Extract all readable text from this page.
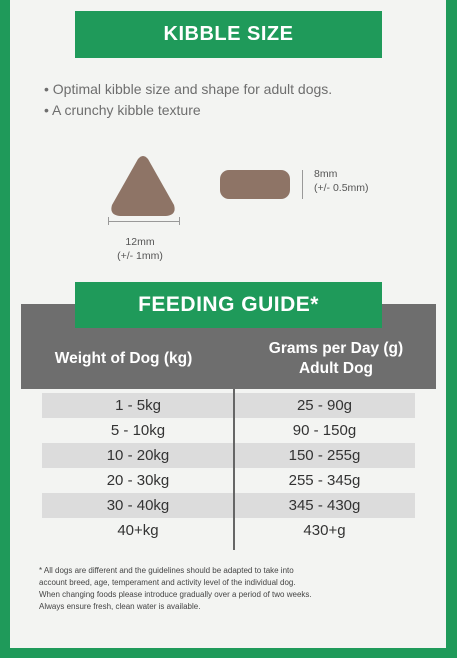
KIBBLE SIZE
• Optimal kibble size and shape for adult dogs.
• A crunchy kibble texture
12mm
(+/- 1mm)
8mm
(+/- 0.5mm)
FEEDING GUIDE*
Weight of Dog (kg)
Grams per Day (g)
Adult Dog
1 - 5kg	25 - 90g
5 - 10kg	90 - 150g
10 - 20kg	150 - 255g
20 - 30kg	255 - 345g
30 - 40kg	345 - 430g
40+kg	430+g
* All dogs are different and the guidelines should be adapted to take into
account breed, age, temperament and activity level of the individual dog.
When changing foods please introduce gradually over a period of two weeks.
Always ensure fresh, clean water is available.
